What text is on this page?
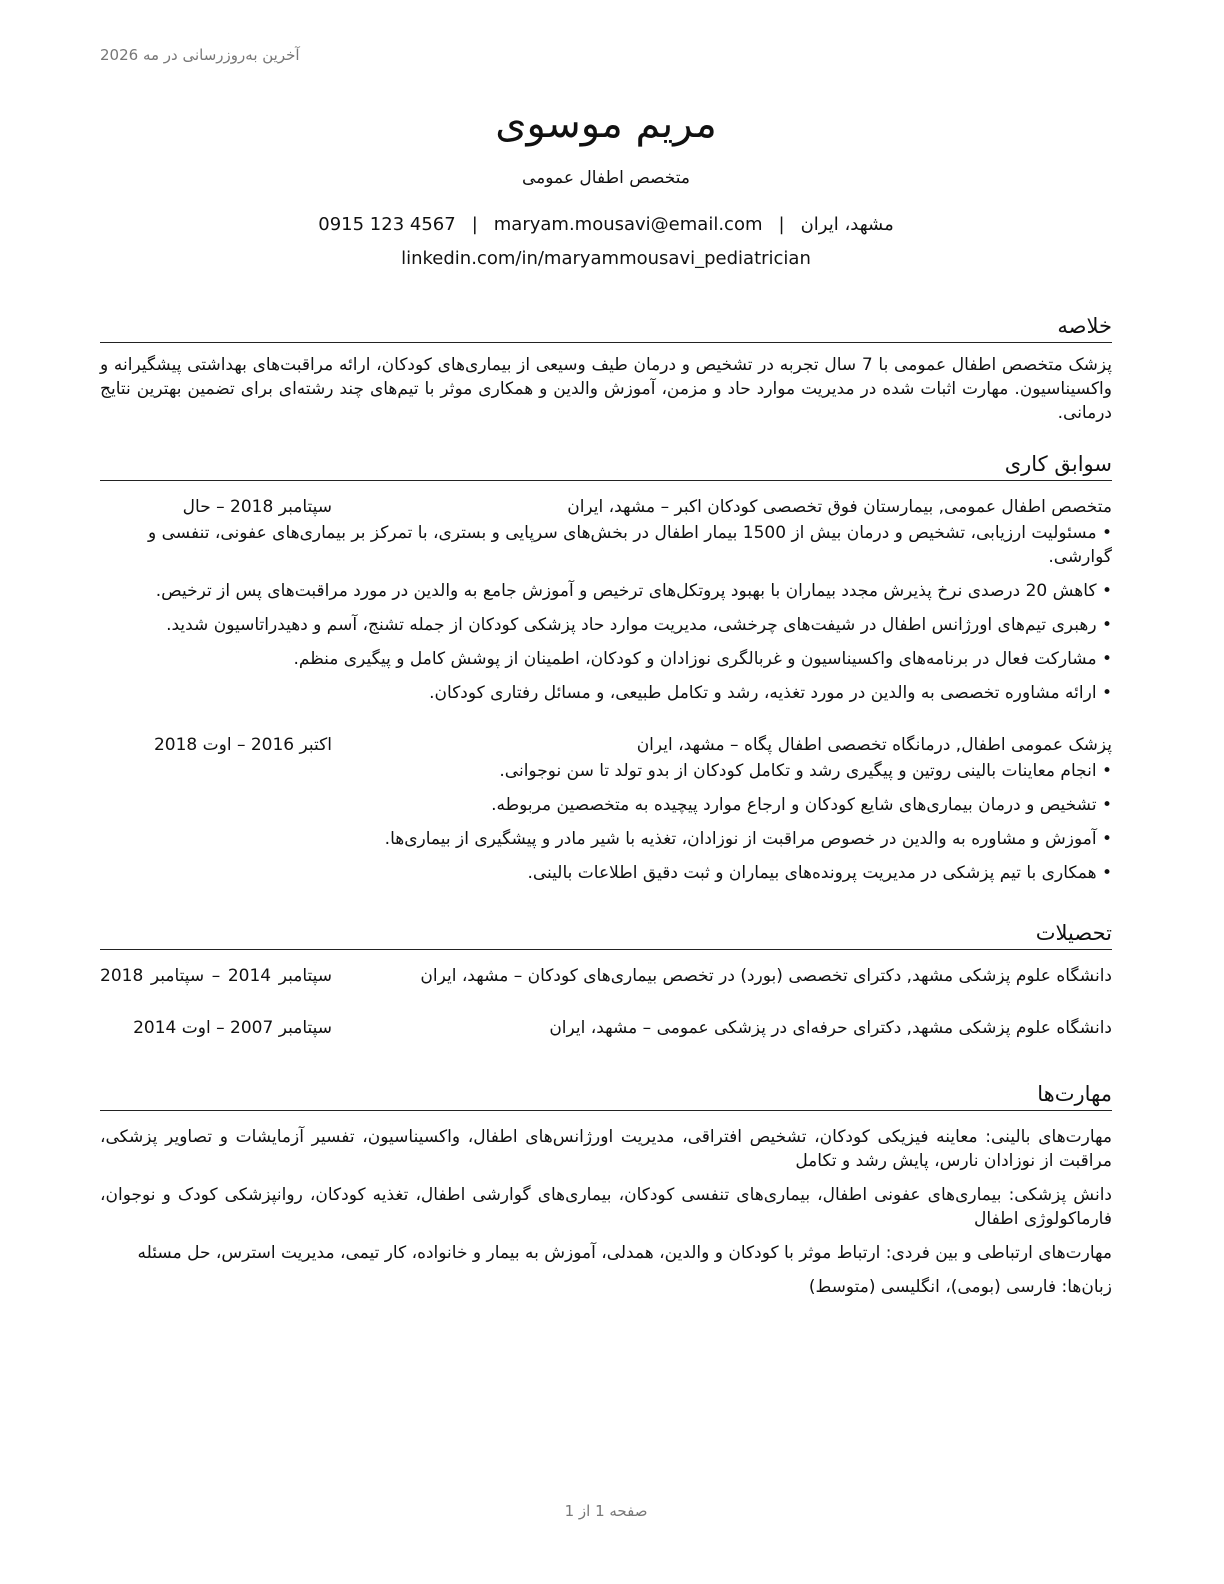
آخرین به‌روزرسانی در مه 2026
مریم موسوی
متخصص اطفال عمومی
مشهد، ایران|maryam.mousavi@email.com|0915 123 4567
linkedin.com/in/maryammousavi_pediatrician
خلاصه

پزشک متخصص اطفال عمومی با 7 سال تجربه در تشخیص و درمان طیف وسیعی از بیماری‌های کودکان، ارائه مراقبت‌های بهداشتی پیشگیرانه و واکسیناسیون. مهارت اثبات شده در مدیریت موارد حاد و مزمن، آموزش والدین و همکاری موثر با تیم‌های چند رشته‌ای برای تضمین بهترین نتایج درمانی.

سوابق کاری
متخصص اطفال عمومی, بیمارستان فوق تخصصی کودکان اکبر – مشهد، ایران
سپتامبر 2018 – حال
• مسئولیت ارزیابی، تشخیص و درمان بیش از 1500 بیمار اطفال در بخش‌های سرپایی و بستری، با تمرکز بر بیماری‌های عفونی، تنفسی و گوارشی.
• کاهش 20 درصدی نرخ پذیرش مجدد بیماران با بهبود پروتکل‌های ترخیص و آموزش جامع به والدین در مورد مراقبت‌های پس از ترخیص.
• رهبری تیم‌های اورژانس اطفال در شیفت‌های چرخشی، مدیریت موارد حاد پزشکی کودکان از جمله تشنج، آسم و دهیدراتاسیون شدید.
• مشارکت فعال در برنامه‌های واکسیناسیون و غربالگری نوزادان و کودکان، اطمینان از پوشش کامل و پیگیری منظم.
• ارائه مشاوره تخصصی به والدین در مورد تغذیه، رشد و تکامل طبیعی، و مسائل رفتاری کودکان.
پزشک عمومی اطفال, درمانگاه تخصصی اطفال پگاه – مشهد، ایران
اکتبر 2016 – اوت 2018
• انجام معاینات بالینی روتین و پیگیری رشد و تکامل کودکان از بدو تولد تا سن نوجوانی.
• تشخیص و درمان بیماری‌های شایع کودکان و ارجاع موارد پیچیده به متخصصین مربوطه.
• آموزش و مشاوره به والدین در خصوص مراقبت از نوزادان، تغذیه با شیر مادر و پیشگیری از بیماری‌ها.
• همکاری با تیم پزشکی در مدیریت پرونده‌های بیماران و ثبت دقیق اطلاعات بالینی.
تحصیلات
دانشگاه علوم پزشکی مشهد, دکترای تخصصی (بورد) در تخصص بیماری‌های کودکان – مشهد، ایران
سپتامبر 2014 – سپتامبر 2018
دانشگاه علوم پزشکی مشهد, دکترای حرفه‌ای در پزشکی عمومی – مشهد، ایران
سپتامبر 2007 – اوت 2014
مهارت‌ها
مهارت‌های بالینی: معاینه فیزیکی کودکان، تشخیص افتراقی، مدیریت اورژانس‌های اطفال، واکسیناسیون، تفسیر آزمایشات و تصاویر پزشکی، مراقبت از نوزادان نارس، پایش رشد و تکامل
دانش پزشکی: بیماری‌های عفونی اطفال، بیماری‌های تنفسی کودکان، بیماری‌های گوارشی اطفال، تغذیه کودکان، روانپزشکی کودک و نوجوان، فارماکولوژی اطفال
مهارت‌های ارتباطی و بین فردی: ارتباط موثر با کودکان و والدین، همدلی، آموزش به بیمار و خانواده، کار تیمی، مدیریت استرس، حل مسئله
زبان‌ها: فارسی (بومی)، انگلیسی (متوسط)
صفحه 1 از 1
